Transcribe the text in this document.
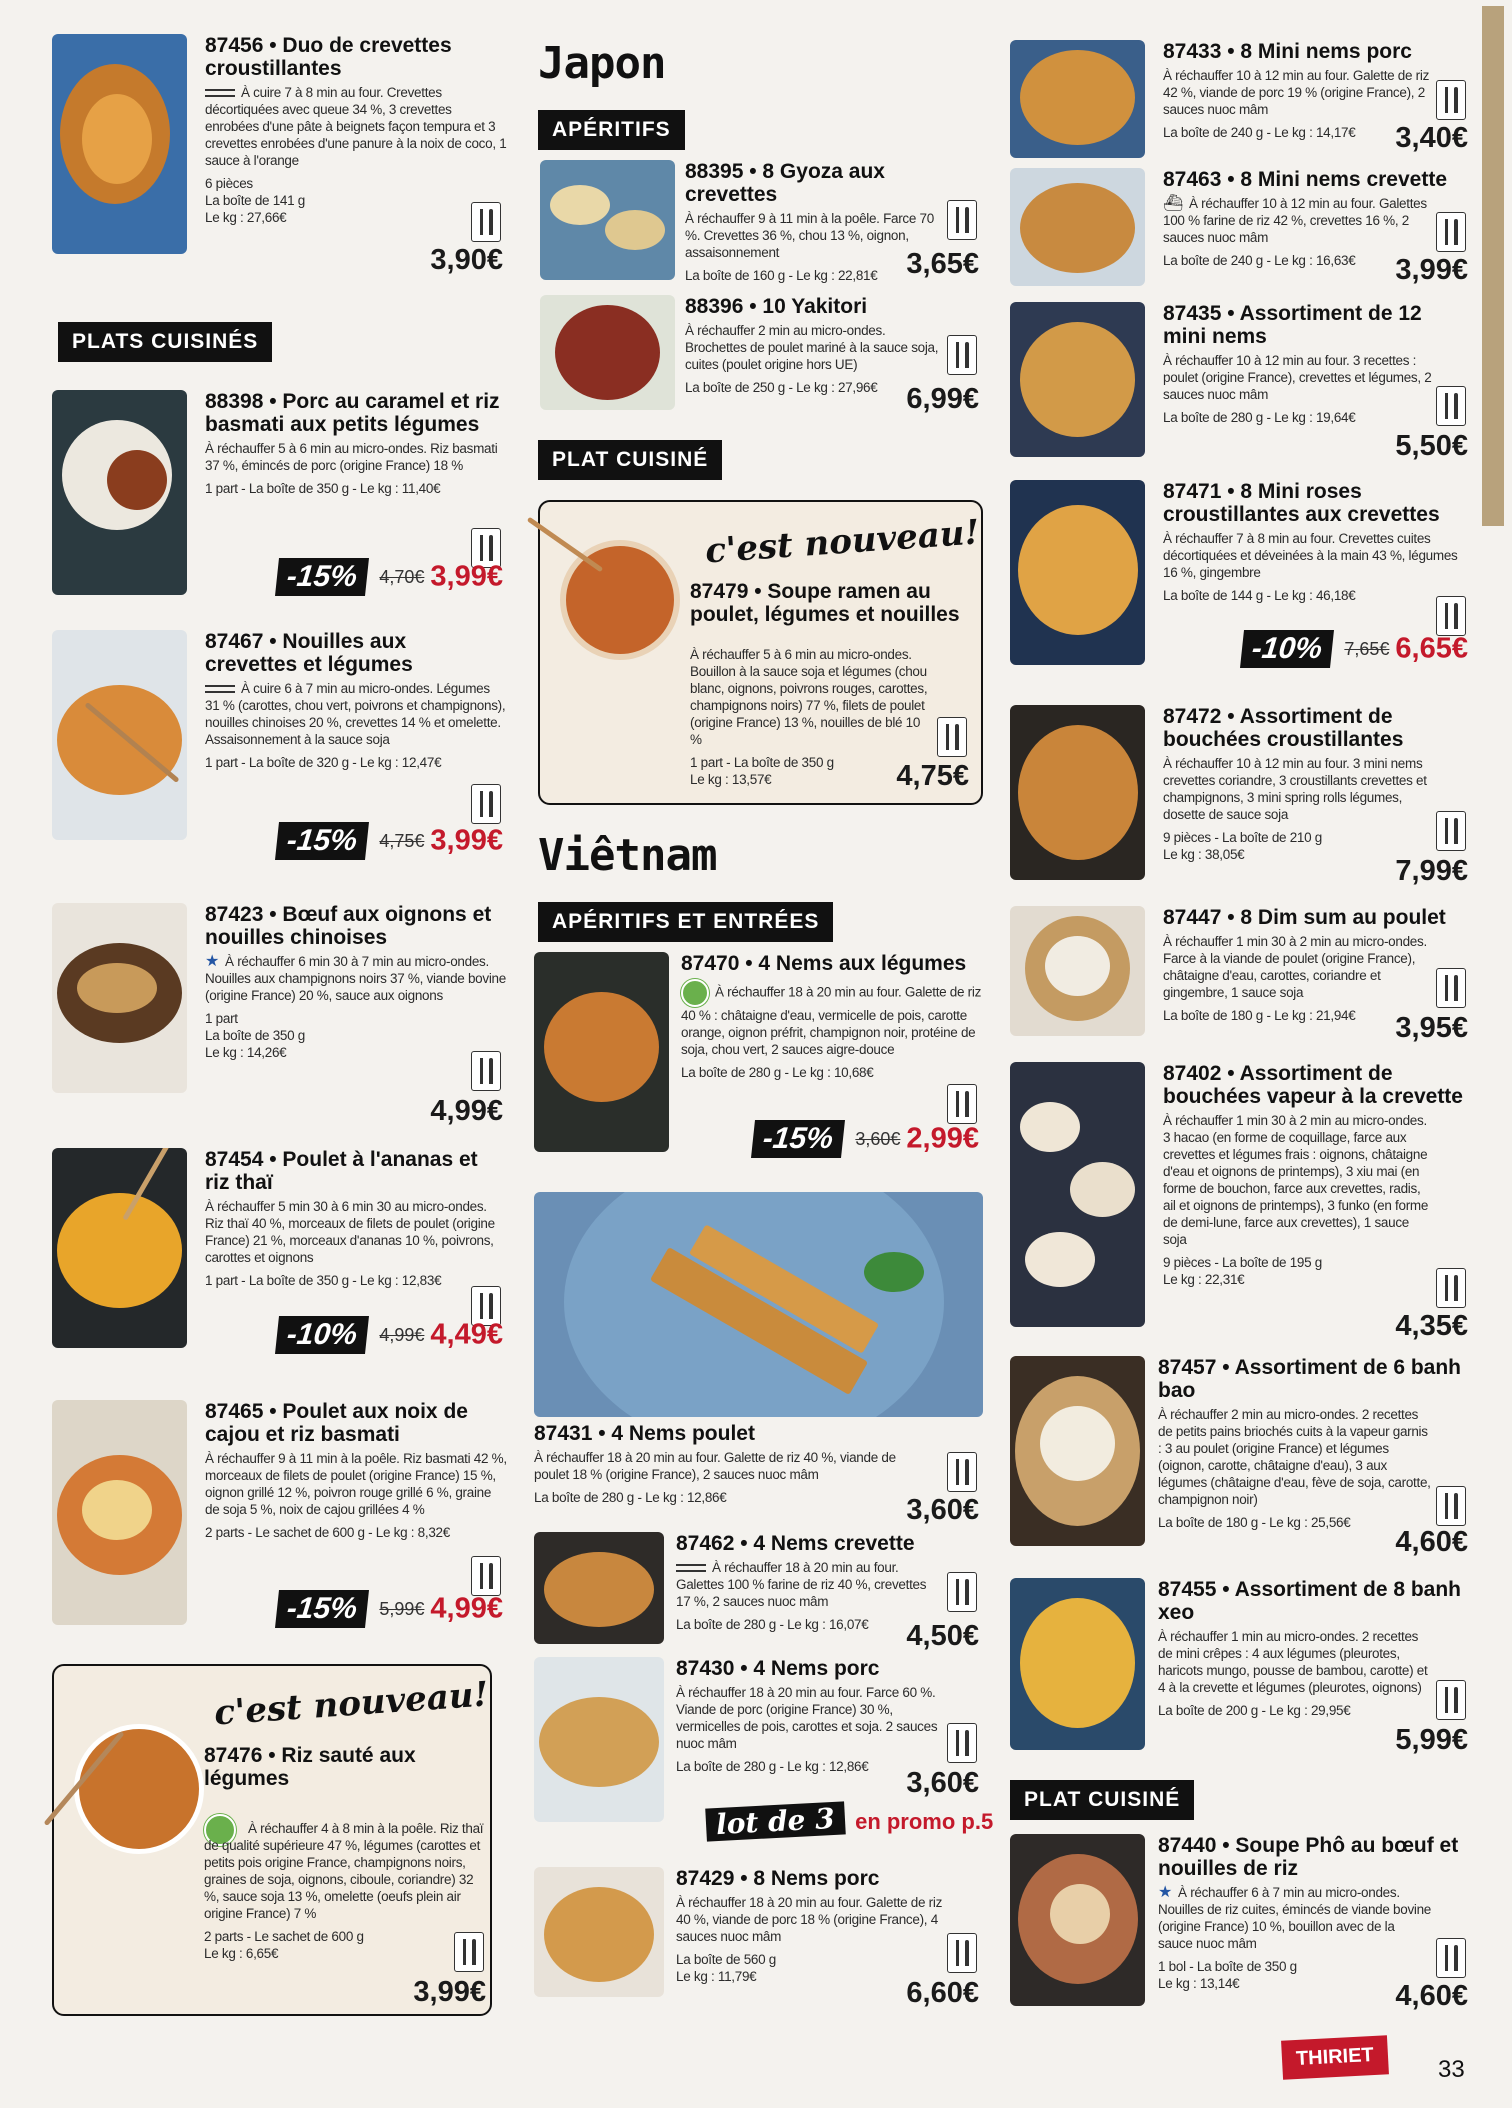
87456 • Duo de crevettes croustillantes
À cuire 7 à 8 min au four. Crevettes décortiquées avec queue 34 %, 3 crevettes enrobées d'une pâte à beignets façon tempura et 3 crevettes enrobées d'une panure à la noix de coco, 1 sauce à l'orange
6 pièces
La boîte de 141 g
Le kg : 27,66€
3,90€
PLATS CUISINÉS
88398 • Porc au caramel et riz basmati aux petits légumes
À réchauffer 5 à 6 min au micro-ondes. Riz basmati 37 %, émincés de porc (origine France) 18 %
1 part - La boîte de 350 g - Le kg : 11,40€
-15% 4,70€ 3,99€
87467 • Nouilles aux crevettes et légumes
À cuire 6 à 7 min au micro-ondes. Légumes 31 % (carottes, chou vert, poivrons et champignons), nouilles chinoises 20 %, crevettes 14 % et omelette. Assaisonnement à la sauce soja
1 part - La boîte de 320 g - Le kg : 12,47€
-15% 4,75€ 3,99€
87423 • Bœuf aux oignons et nouilles chinoises
★ À réchauffer 6 min 30 à 7 min au micro-ondes. Nouilles aux champignons noirs 37 %, viande bovine (origine France) 20 %, sauce aux oignons
1 part
La boîte de 350 g
Le kg : 14,26€
4,99€
87454 • Poulet à l'ananas et riz thaï
À réchauffer 5 min 30 à 6 min 30 au micro-ondes. Riz thaï 40 %, morceaux de filets de poulet (origine France) 21 %, morceaux d'ananas 10 %, poivrons, carottes et oignons
1 part - La boîte de 350 g - Le kg : 12,83€
-10% 4,99€ 4,49€
87465 • Poulet aux noix de cajou et riz basmati
À réchauffer 9 à 11 min à la poêle. Riz basmati 42 %, morceaux de filets de poulet (origine France) 15 %, oignon grillé 12 %, poivron rouge grillé 6 %, graine de soja 5 %, noix de cajou grillées 4 %
2 parts - Le sachet de 600 g - Le kg : 8,32€
-15% 5,99€ 4,99€
c'est nouveau!
87476 • Riz sauté aux légumes
À réchauffer 4 à 8 min à la poêle. Riz thaï de qualité supérieure 47 %, légumes (carottes et petits pois origine France, champignons noirs, graines de soja, oignons, ciboule, coriandre) 32 %, sauce soja 13 %, omelette (oeufs plein air origine France) 7 %
2 parts - Le sachet de 600 g
Le kg : 6,65€
3,99€
Japon
APÉRITIFS
88395 • 8 Gyoza aux crevettes
À réchauffer 9 à 11 min à la poêle. Farce 70 %. Crevettes 36 %, chou 13 %, oignon, assaisonnement
La boîte de 160 g - Le kg : 22,81€ 3,65€
88396 • 10 Yakitori
À réchauffer 2 min au micro-ondes. Brochettes de poulet mariné à la sauce soja, cuites (poulet origine hors UE)
La boîte de 250 g - Le kg : 27,96€ 6,99€
PLAT CUISINÉ
c'est nouveau!
87479 • Soupe ramen au poulet, légumes et nouilles
À réchauffer 5 à 6 min au micro-ondes. Bouillon à la sauce soja et légumes (chou blanc, oignons, poivrons rouges, carottes, champignons noirs) 77 %, filets de poulet (origine France) 13 %, nouilles de blé 10 %
1 part - La boîte de 350 g
Le kg : 13,57€	4,75€
Viêtnam
APÉRITIFS ET ENTRÉES
87470 • 4 Nems aux légumes
À réchauffer 18 à 20 min au four. Galette de riz 40 % : châtaigne d'eau, vermicelle de pois, carotte orange, oignon préfrit, champignon noir, protéine de soja, chou vert, 2 sauces aigre-douce
La boîte de 280 g - Le kg : 10,68€
-15% 3,60€ 2,99€
87431 • 4 Nems poulet
À réchauffer 18 à 20 min au four. Galette de riz 40 %, viande de poulet 18 % (origine France), 2 sauces nuoc mâm
La boîte de 280 g - Le kg : 12,86€	3,60€
87462 • 4 Nems crevette
À réchauffer 18 à 20 min au four. Galettes 100 % farine de riz 40 %, crevettes 17 %, 2 sauces nuoc mâm
La boîte de 280 g - Le kg : 16,07€	4,50€
87430 • 4 Nems porc
À réchauffer 18 à 20 min au four. Farce 60 %. Viande de porc (origine France) 30 %, vermicelles de pois, carottes et soja. 2 sauces nuoc mâm
La boîte de 280 g - Le kg : 12,86€
3,60€
lot de 3 en promo p.5
87429 • 8 Nems porc
À réchauffer 18 à 20 min au four. Galette de riz 40 %, viande de porc 18 % (origine France), 4 sauces nuoc mâm
La boîte de 560 g
Le kg : 11,79€
6,60€
87433 • 8 Mini nems porc
À réchauffer 10 à 12 min au four. Galette de riz 42 %, viande de porc 19 % (origine France), 2 sauces nuoc mâm
La boîte de 240 g - Le kg : 14,17€	3,40€
87463 • 8 Mini nems crevette
⛴ À réchauffer 10 à 12 min au four. Galettes 100 % farine de riz 42 %, crevettes 16 %, 2 sauces nuoc mâm
La boîte de 240 g - Le kg : 16,63€	3,99€
87435 • Assortiment de 12 mini nems
À réchauffer 10 à 12 min au four. 3 recettes : poulet (origine France), crevettes et légumes, 2 sauces nuoc mâm
La boîte de 280 g - Le kg : 19,64€
5,50€
87471 • 8 Mini roses croustillantes aux crevettes
À réchauffer 7 à 8 min au four. Crevettes cuites décortiquées et déveinées à la main 43 %, légumes 16 %, gingembre
La boîte de 144 g - Le kg : 46,18€
-10% 7,65€ 6,65€
87472 • Assortiment de bouchées croustillantes
À réchauffer 10 à 12 min au four. 3 mini nems crevettes coriandre, 3 croustillants crevettes et champignons, 3 mini spring rolls légumes, dosette de sauce soja
9 pièces - La boîte de 210 g
Le kg : 38,05€
7,99€
87447 • 8 Dim sum au poulet
À réchauffer 1 min 30 à 2 min au micro-ondes. Farce à la viande de poulet (origine France), châtaigne d'eau, carottes, coriandre et gingembre, 1 sauce soja
La boîte de 180 g - Le kg : 21,94€	3,95€
87402 • Assortiment de bouchées vapeur à la crevette
À réchauffer 1 min 30 à 2 min au micro-ondes. 3 hacao (en forme de coquillage, farce aux crevettes et légumes frais : oignons, châtaigne d'eau et oignons de printemps), 3 xiu mai (en forme de bouchon, farce aux crevettes, radis, ail et oignons de printemps), 3 funko (en forme de demi-lune, farce aux crevettes), 1 sauce soja
9 pièces - La boîte de 195 g
Le kg : 22,31€
4,35€
87457 • Assortiment de 6 banh bao
À réchauffer 2 min au micro-ondes. 2 recettes de petits pains briochés cuits à la vapeur garnis : 3 au poulet (origine France) et légumes (oignon, carotte, châtaigne d'eau), 3 aux légumes (châtaigne d'eau, fève de soja, carotte, champignon noir)
La boîte de 180 g - Le kg : 25,56€
4,60€
87455 • Assortiment de 8 banh xeo
À réchauffer 1 min au micro-ondes. 2 recettes de mini crêpes : 4 aux légumes (pleurotes, haricots mungo, pousse de bambou, carotte) et 4 à la crevette et légumes (pleurotes, oignons)
La boîte de 200 g - Le kg : 29,95€
5,99€
PLAT CUISINÉ
87440 • Soupe Phô au bœuf et nouilles de riz
★ À réchauffer 6 à 7 min au micro-ondes. Nouilles de riz cuites, émincés de viande bovine (origine France) 10 %, bouillon avec de la sauce nuoc mâm
1 bol - La boîte de 350 g
Le kg : 13,14€	4,60€
THIRIET	33
